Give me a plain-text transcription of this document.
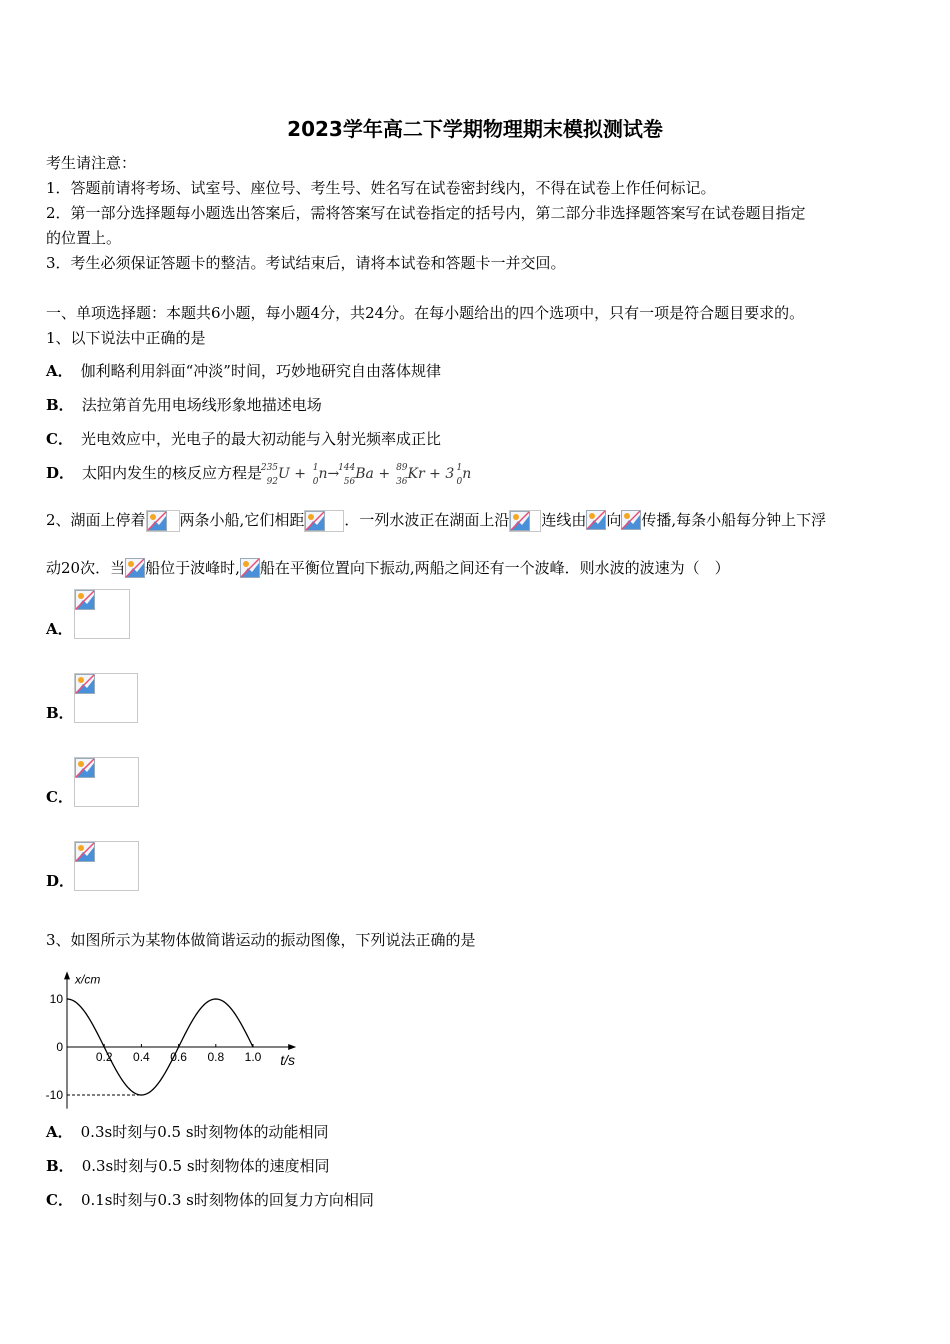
2023学年高二下学期物理期末模拟测试卷
考生请注意：
1．答题前请将考场、试室号、座位号、考生号、姓名写在试卷密封线内，不得在试卷上作任何标记。
2．第一部分选择题每小题选出答案后，需将答案写在试卷指定的括号内，第二部分非选择题答案写在试卷题目指定
的位置上。
3．考生必须保证答题卡的整洁。考试结束后，请将本试卷和答题卡一并交回。
一、单项选择题：本题共6小题，每小题4分，共24分。在每小题给出的四个选项中，只有一项是符合题目要求的。
1、以下说法中正确的是
A． 伽利略利用斜面“冲淡”时间，巧妙地研究自由落体规律
B． 法拉第首先用电场线形象地描述电场
C． 光电效应中，光电子的最大初动能与入射光频率成正比
D． 太阳内发生的核反应方程是
235
92 U + 1
0 n→
144
56 Ba + 89
36 Kr + 3 1
0 n
2、湖面上停着 两条小船,它们相距	．一列水波正在湖面上沿 连线由 向 传播,每条小船每分钟上下浮
动20次．当 船位于波峰时, 船在平衡位置向下振动,两船之间还有一个波峰．则水波的波速为（　）
A．
B．
C．
D．
3、如图所示为某物体做简谐运动的振动图像，下列说法正确的是
x/cm
t/s
10
0
-10
0.2 0.4 0.6 0.8 1.0
A． 0.3s时刻与0.5 s时刻物体的动能相同
B． 0.3s时刻与0.5 s时刻物体的速度相同
C． 0.1s时刻与0.3 s时刻物体的回复力方向相同
